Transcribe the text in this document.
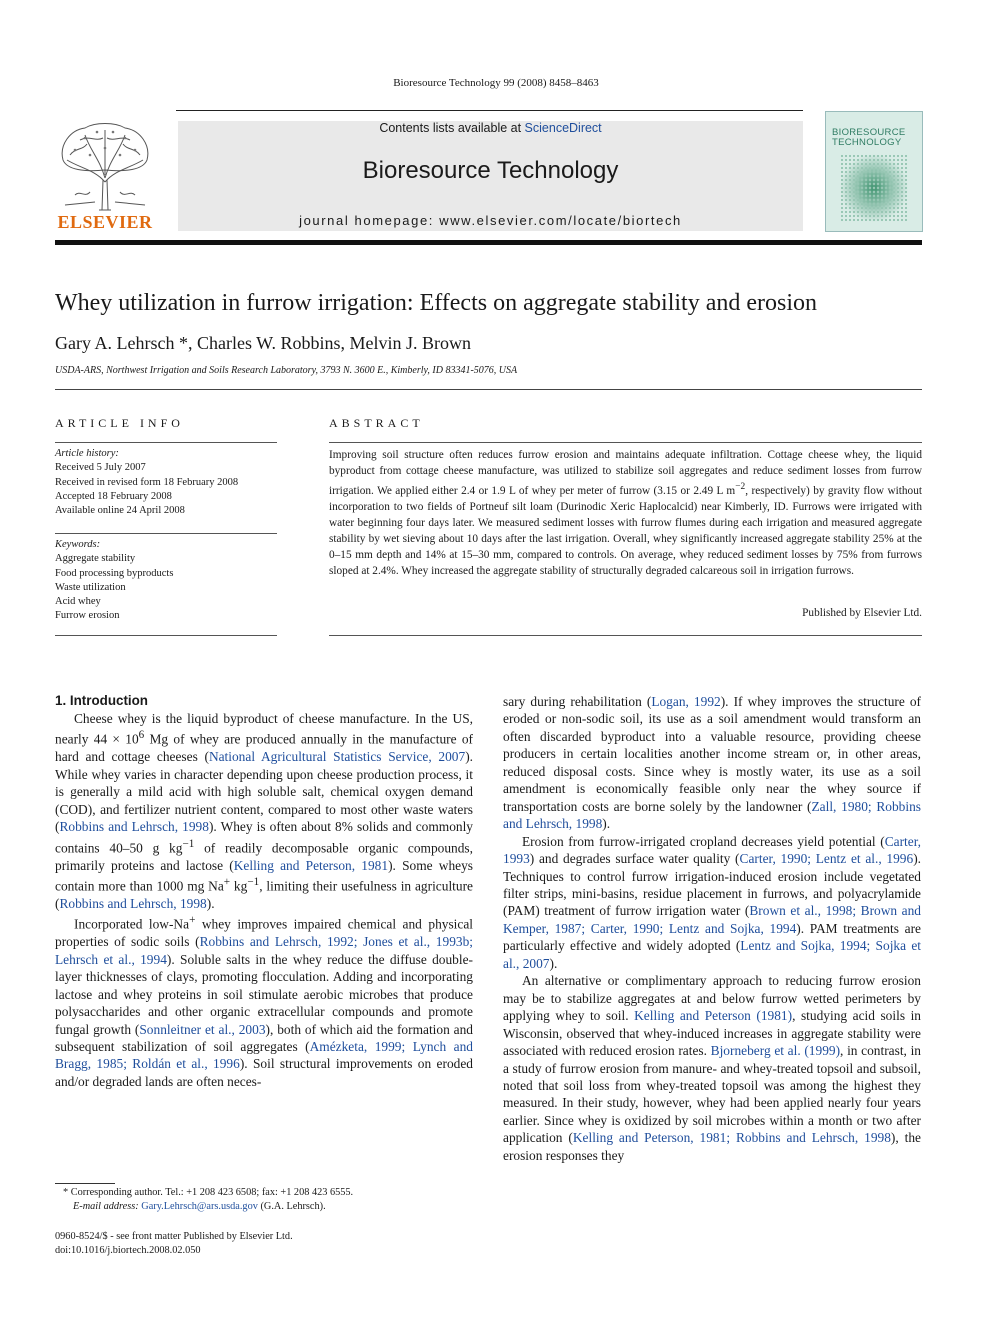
Bioresource Technology 99 (2008) 8458–8463
ELSEVIER
Contents lists available at ScienceDirect
Bioresource Technology
journal homepage: www.elsevier.com/locate/biortech
BIORESOURCE TECHNOLOGY
Whey utilization in furrow irrigation: Effects on aggregate stability and erosion
Gary A. Lehrsch *, Charles W. Robbins, Melvin J. Brown
USDA-ARS, Northwest Irrigation and Soils Research Laboratory, 3793 N. 3600 E., Kimberly, ID 83341-5076, USA
ARTICLE INFO
Article history:
Received 5 July 2007
Received in revised form 18 February 2008
Accepted 18 February 2008
Available online 24 April 2008
Keywords:
Aggregate stability
Food processing byproducts
Waste utilization
Acid whey
Furrow erosion
ABSTRACT
Improving soil structure often reduces furrow erosion and maintains adequate infiltration. Cottage cheese whey, the liquid byproduct from cottage cheese manufacture, was utilized to stabilize soil aggregates and reduce sediment losses from furrow irrigation. We applied either 2.4 or 1.9 L of whey per meter of furrow (3.15 or 2.49 L $m^{-2}$, respectively) by gravity flow without incorporation to two fields of Portneuf silt loam (Durinodic Xeric Haplocalcid) near Kimberly, ID. Furrows were irrigated with water beginning four days later. We measured sediment losses with furrow flumes during each irrigation and measured aggregate stability by wet sieving about 10 days after the last irrigation. Overall, whey significantly increased aggregate stability 25% at the 0–15 mm depth and 14% at 15–30 mm, compared to controls. On average, whey reduced sediment losses by 75% from furrows sloped at 2.4%. Whey increased the aggregate stability of structurally degraded calcareous soil in irrigation furrows.
Published by Elsevier Ltd.
1. Introduction

Cheese whey is the liquid byproduct of cheese manufacture. In the US, nearly $44 \times 10^6$ Mg of whey are produced annually in the manufacture of hard and cottage cheeses (National Agricultural Statistics Service, 2007). While whey varies in character depending upon cheese production process, it is generally a mild acid with high soluble salt, chemical oxygen demand (COD), and fertilizer nutrient content, compared to most other waste waters (Robbins and Lehrsch, 1998). Whey is often about 8% solids and commonly contains 40–50 g $kg^{-1}$ of readily decomposable organic compounds, primarily proteins and lactose (Kelling and Peterson, 1981). Some wheys contain more than 1000 mg Na+ $kg^{-1}$, limiting their usefulness in agriculture (Robbins and Lehrsch, 1998).

Incorporated low-Na+ whey improves impaired chemical and physical properties of sodic soils (Robbins and Lehrsch, 1992; Jones et al., 1993b; Lehrsch et al., 1994). Soluble salts in the whey reduce the diffuse double-layer thicknesses of clays, promoting flocculation. Adding and incorporating lactose and whey proteins in soil stimulate aerobic microbes that produce polysaccharides and other organic extracellular compounds and promote fungal growth (Sonnleitner et al., 2003), both of which aid the formation and subsequent stabilization of soil aggregates (Amézketa, 1999; Lynch and Bragg, 1985; Roldán et al., 1996). Soil structural improvements on eroded and/or degraded lands are often neces-

sary during rehabilitation (Logan, 1992). If whey improves the structure of eroded or non-sodic soil, its use as a soil amendment would transform an often discarded byproduct into a valuable resource, providing cheese producers in certain localities another income stream or, in other areas, reduced disposal costs. Since whey is mostly water, its use as a soil amendment is economically feasible only near the whey source if transportation costs are borne solely by the landowner (Zall, 1980; Robbins and Lehrsch, 1998).

Erosion from furrow-irrigated cropland decreases yield potential (Carter, 1993) and degrades surface water quality (Carter, 1990; Lentz et al., 1996). Techniques to control furrow irrigation-induced erosion include vegetated filter strips, mini-basins, residue placement in furrows, and polyacrylamide (PAM) treatment of furrow irrigation water (Brown et al., 1998; Brown and Kemper, 1987; Carter, 1990; Lentz and Sojka, 1994). PAM treatments are particularly effective and widely adopted (Lentz and Sojka, 1994; Sojka et al., 2007).

An alternative or complimentary approach to reducing furrow erosion may be to stabilize aggregates at and below furrow wetted perimeters by applying whey to soil. Kelling and Peterson (1981), studying acid soils in Wisconsin, observed that whey-induced increases in aggregate stability were associated with reduced erosion rates. Bjorneberg et al. (1999), in contrast, in a study of furrow erosion from manure- and whey-treated topsoil and subsoil, noted that soil loss from whey-treated topsoil was among the highest they measured. In their study, however, whey had been applied nearly four years earlier. Since whey is oxidized by soil microbes within a month or two after application (Kelling and Peterson, 1981; Robbins and Lehrsch, 1998), the erosion responses they

* Corresponding author. Tel.: +1 208 423 6508; fax: +1 208 423 6555.
E-mail address: Gary.Lehrsch@ars.usda.gov (G.A. Lehrsch).
0960-8524/$ - see front matter Published by Elsevier Ltd.
doi:10.1016/j.biortech.2008.02.050
